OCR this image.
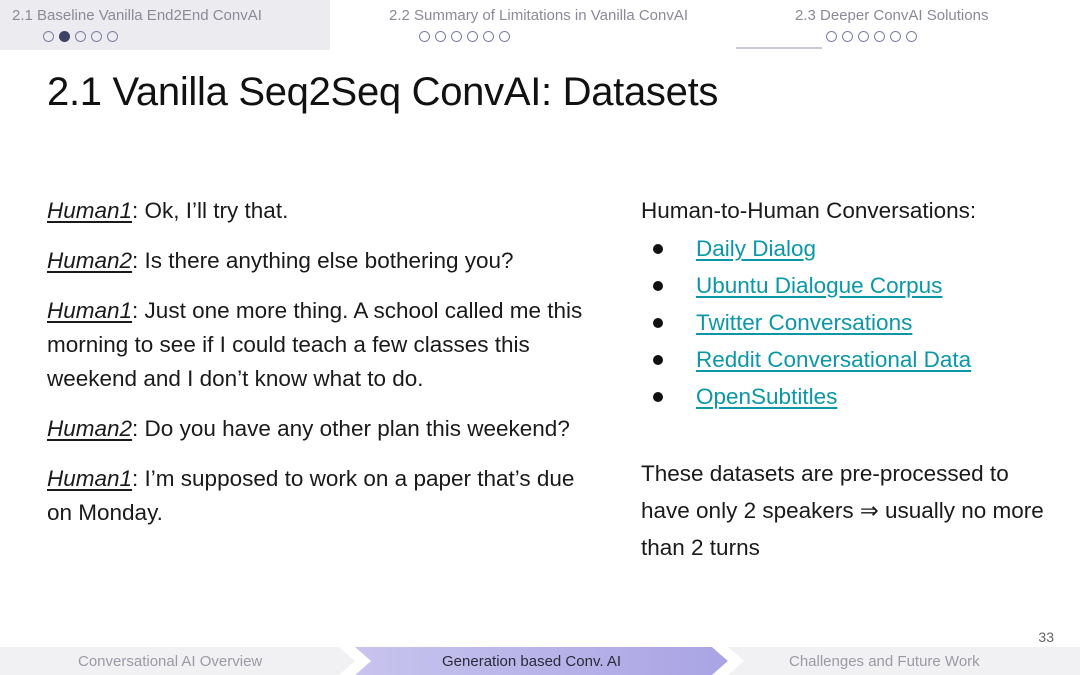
2.1 Baseline Vanilla End2End ConvAI	2.2 Summary of Limitations in Vanilla ConvAI	2.3 Deeper ConvAI Solutions
2.1 Vanilla Seq2Seq ConvAI: Datasets

Human1: Ok, I’ll try that.

Human2: Is there anything else bothering you?

Human1: Just one more thing. A school called me this morning to see if I could teach a few classes this weekend and I don’t know what to do.

Human2: Do you have any other plan this weekend?

Human1: I’m supposed to work on a paper that’s due on Monday.

Human-to-Human Conversations:
Daily Dialog
Ubuntu Dialogue Corpus
Twitter Conversations
Reddit Conversational Data
OpenSubtitles
These datasets are pre-processed to have only 2 speakers ⇒ usually no more than 2 turns
33
Conversational AI Overview	Generation based Conv. AI	Challenges and Future Work
